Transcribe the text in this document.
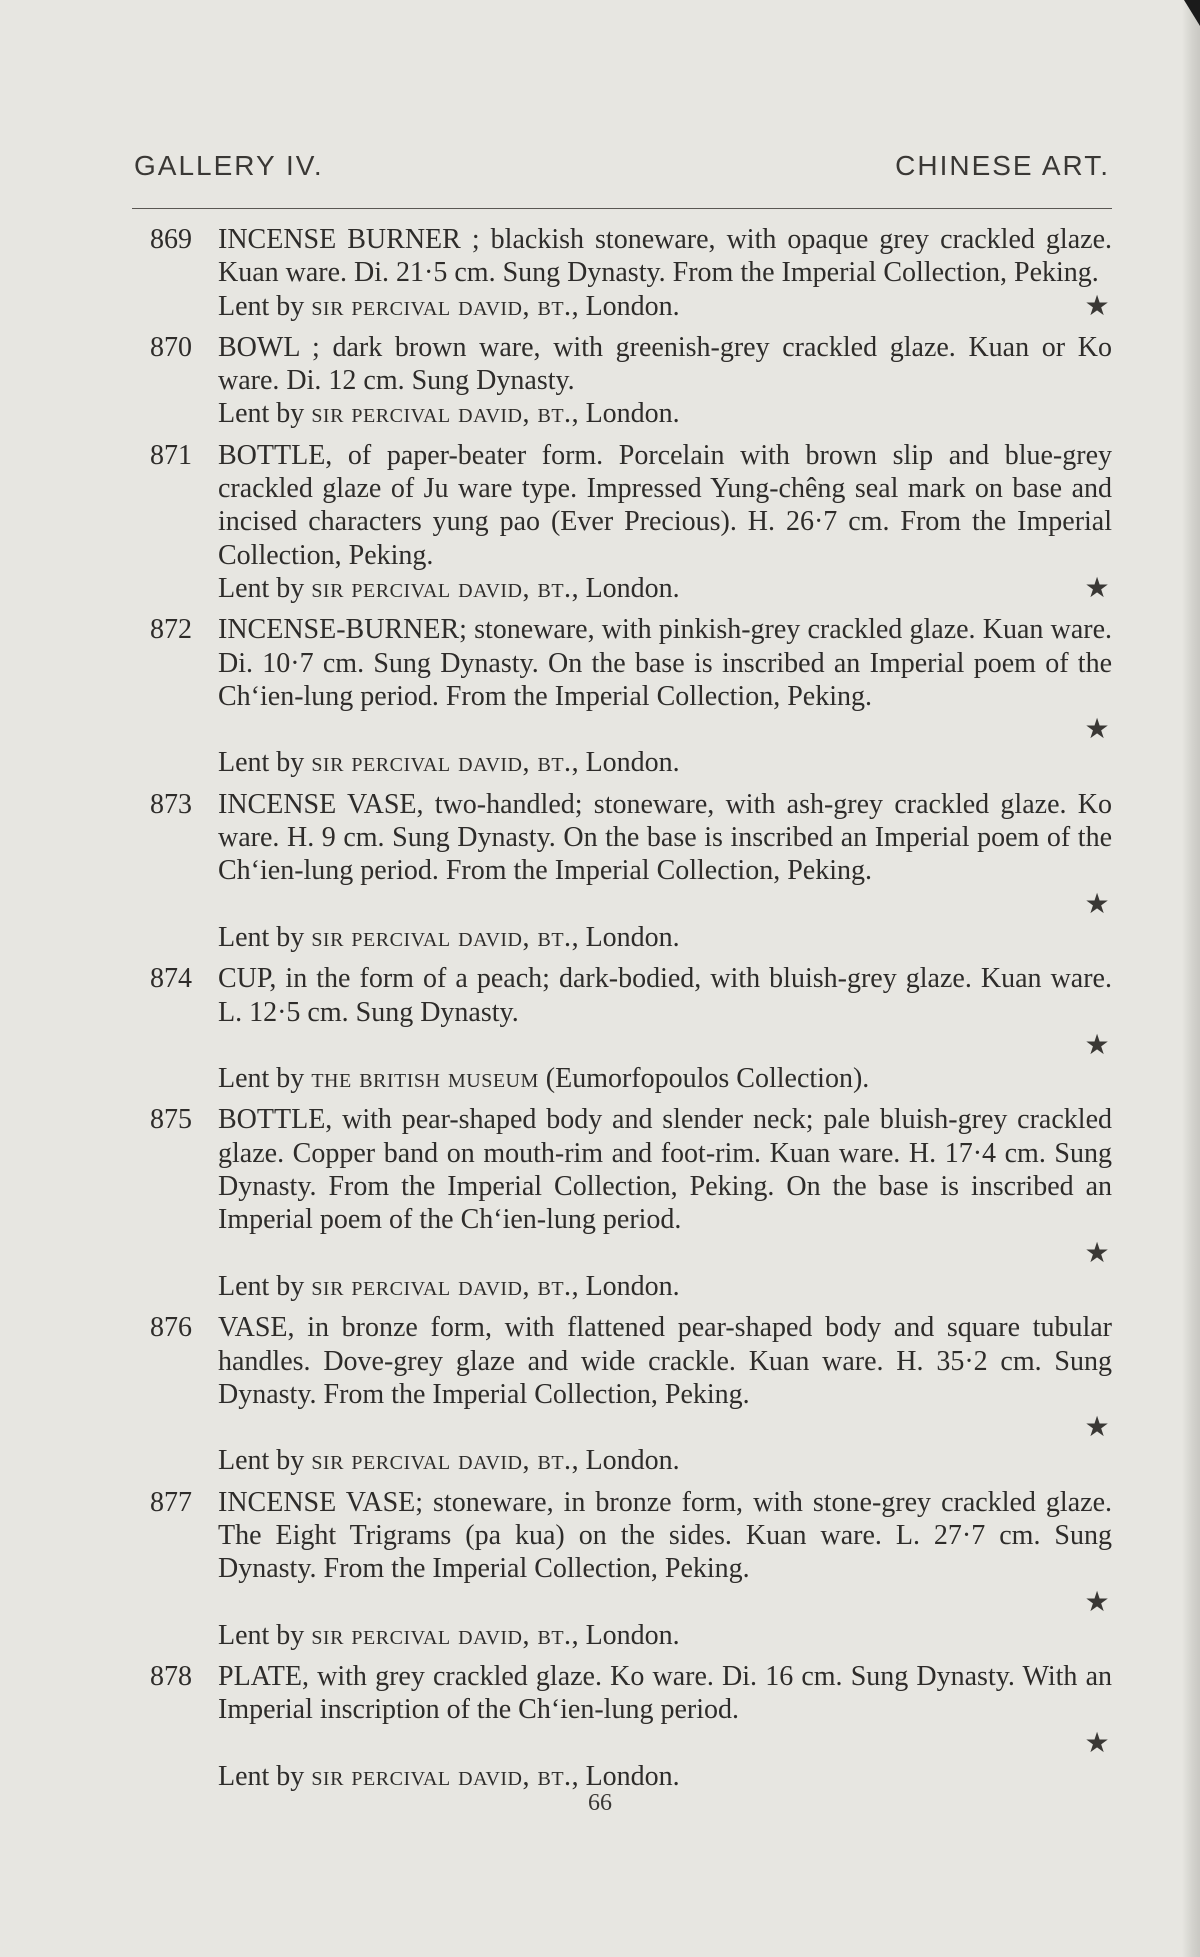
GALLERY IV.	CHINESE ART.
869 INCENSE BURNER ; blackish stoneware, with opaque grey crackled glaze. Kuan ware. Di. 21·5 cm. Sung Dynasty. From the Imperial Collection, Peking.

Lent by sir percival david, bt., London.	★

870 BOWL ; dark brown ware, with greenish-grey crackled glaze. Kuan or Ko ware. Di. 12 cm. Sung Dynasty.

Lent by sir percival david, bt., London.

871 BOTTLE, of paper-beater form. Porcelain with brown slip and blue-grey crackled glaze of Ju ware type. Impressed Yung-chêng seal mark on base and incised characters yung pao (Ever Precious). H. 26·7 cm. From the Imperial Collection, Peking.

Lent by sir percival david, bt., London.	★

872 INCENSE-BURNER; stoneware, with pinkish-grey crackled glaze. Kuan ware. Di. 10·7 cm. Sung Dynasty. On the base is inscribed an Imperial poem of the Ch‘ien-lung period. From the Imperial Collection, Peking.
★

Lent by sir percival david, bt., London.

873 INCENSE VASE, two-handled; stoneware, with ash-grey crackled glaze. Ko ware. H. 9 cm. Sung Dynasty. On the base is inscribed an Imperial poem of the Ch‘ien-lung period. From the Imperial Collection, Peking.
★

Lent by sir percival david, bt., London.

874 CUP, in the form of a peach; dark-bodied, with bluish-grey glaze. Kuan ware. L. 12·5 cm. Sung Dynasty.
★

Lent by the british museum (Eumorfopoulos Collection).

875 BOTTLE, with pear-shaped body and slender neck; pale bluish-grey crackled glaze. Copper band on mouth-rim and foot-rim. Kuan ware. H. 17·4 cm. Sung Dynasty. From the Imperial Collection, Peking. On the base is inscribed an Imperial poem of the Ch‘ien-lung period.
★

Lent by sir percival david, bt., London.

876 VASE, in bronze form, with flattened pear-shaped body and square tubular handles. Dove-grey glaze and wide crackle. Kuan ware. H. 35·2 cm. Sung Dynasty. From the Imperial Collection, Peking.
★

Lent by sir percival david, bt., London.

877 INCENSE VASE; stoneware, in bronze form, with stone-grey crackled glaze. The Eight Trigrams (pa kua) on the sides. Kuan ware. L. 27·7 cm. Sung Dynasty. From the Imperial Collection, Peking.
★

Lent by sir percival david, bt., London.

878 PLATE, with grey crackled glaze. Ko ware. Di. 16 cm. Sung Dynasty. With an Imperial inscription of the Ch‘ien-lung period.
★

Lent by sir percival david, bt., London.

66
